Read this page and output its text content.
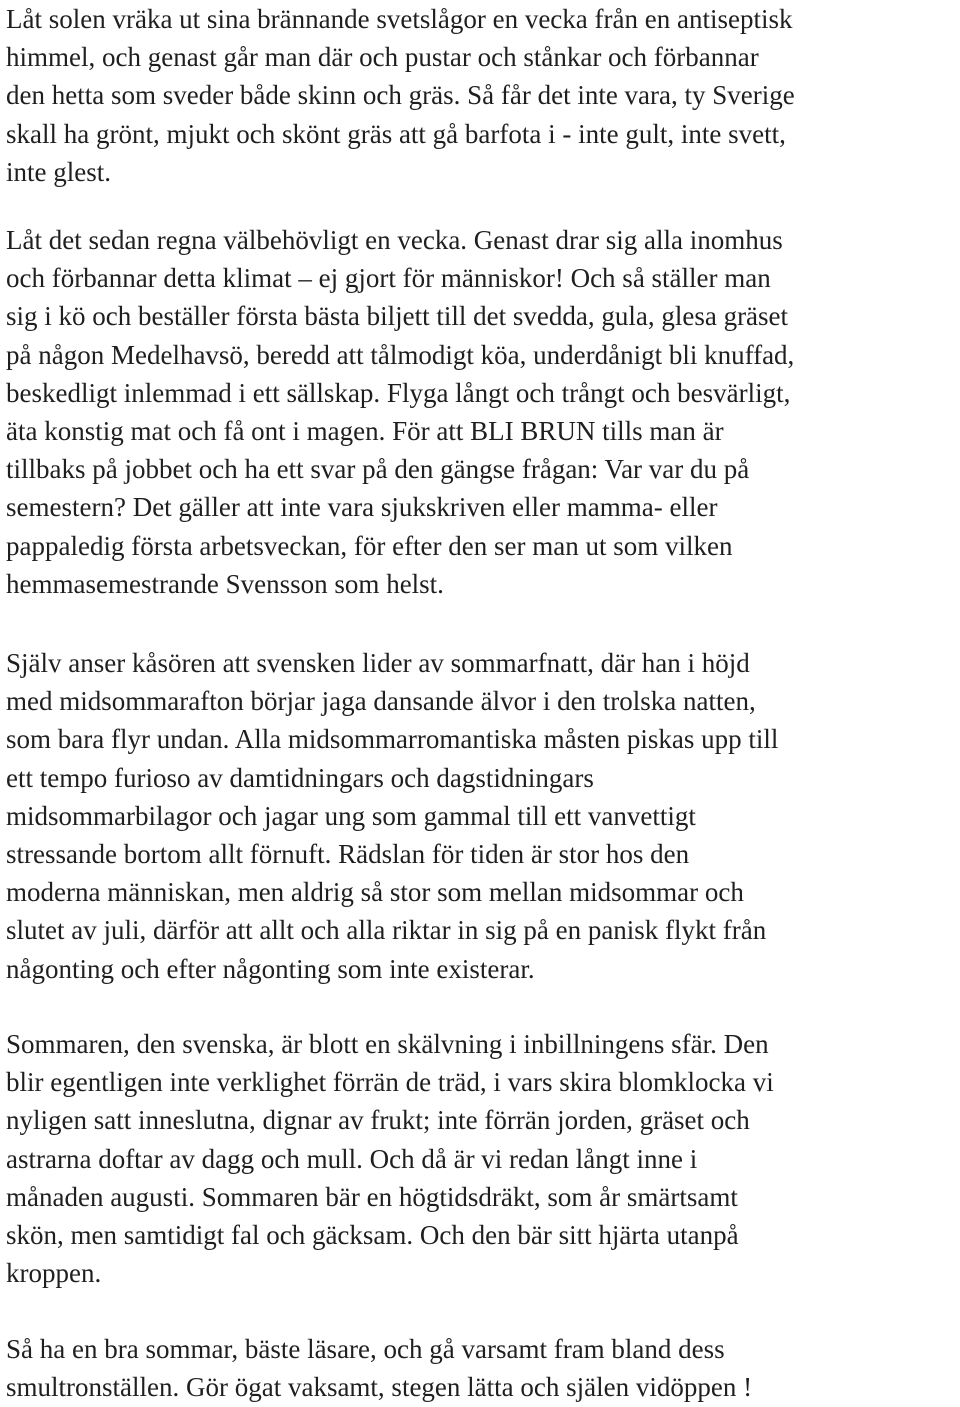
Låt solen vräka ut sina brännande svetslågor en vecka från en antiseptisk
himmel, och genast går man där och pustar och stånkar och förbannar
den hetta som sveder både skinn och gräs. Så får det inte vara, ty Sverige
skall ha grönt, mjukt och skönt gräs att gå barfota i - inte gult, inte svett,
inte glest.

Låt det sedan regna välbehövligt en vecka. Genast drar sig alla inomhus
och förbannar detta klimat – ej gjort för människor! Och så ställer man
sig i kö och beställer första bästa biljett till det svedda, gula, glesa gräset
på någon Medelhavsö, beredd att tålmodigt köa, underdånigt bli knuffad,
beskedligt inlemmad i ett sällskap. Flyga långt och trångt och besvärligt,
äta konstig mat och få ont i magen. För att BLI BRUN tills man är
tillbaks på jobbet och ha ett svar på den gängse frågan: Var var du på
semestern? Det gäller att inte vara sjukskriven eller mamma- eller
pappaledig första arbetsveckan, för efter den ser man ut som vilken
hemmasemestrande Svensson som helst.

Själv anser kåsören att svensken lider av sommarfnatt, där han i höjd
med midsommarafton börjar jaga dansande älvor i den trolska natten,
som bara flyr undan. Alla midsommarromantiska måsten piskas upp till
ett tempo furioso av damtidningars och dagstidningars
midsommarbilagor och jagar ung som gammal till ett vanvettigt
stressande bortom allt förnuft. Rädslan för tiden är stor hos den
moderna människan, men aldrig så stor som mellan midsommar och
slutet av juli, därför att allt och alla riktar in sig på en panisk flykt från
någonting och efter någonting som inte existerar.

Sommaren, den svenska, är blott en skälvning i inbillningens sfär. Den
blir egentligen inte verklighet förrän de träd, i vars skira blomklocka vi
nyligen satt inneslutna, dignar av frukt; inte förrän jorden, gräset och
astrarna doftar av dagg och mull. Och då är vi redan långt inne i
månaden augusti. Sommaren bär en högtidsdräkt, som år smärtsamt
skön, men samtidigt fal och gäcksam. Och den bär sitt hjärta utanpå
kroppen.

Så ha en bra sommar, bäste läsare, och gå varsamt fram bland dess
smultronställen. Gör ögat vaksamt, stegen lätta och själen vidöppen !
